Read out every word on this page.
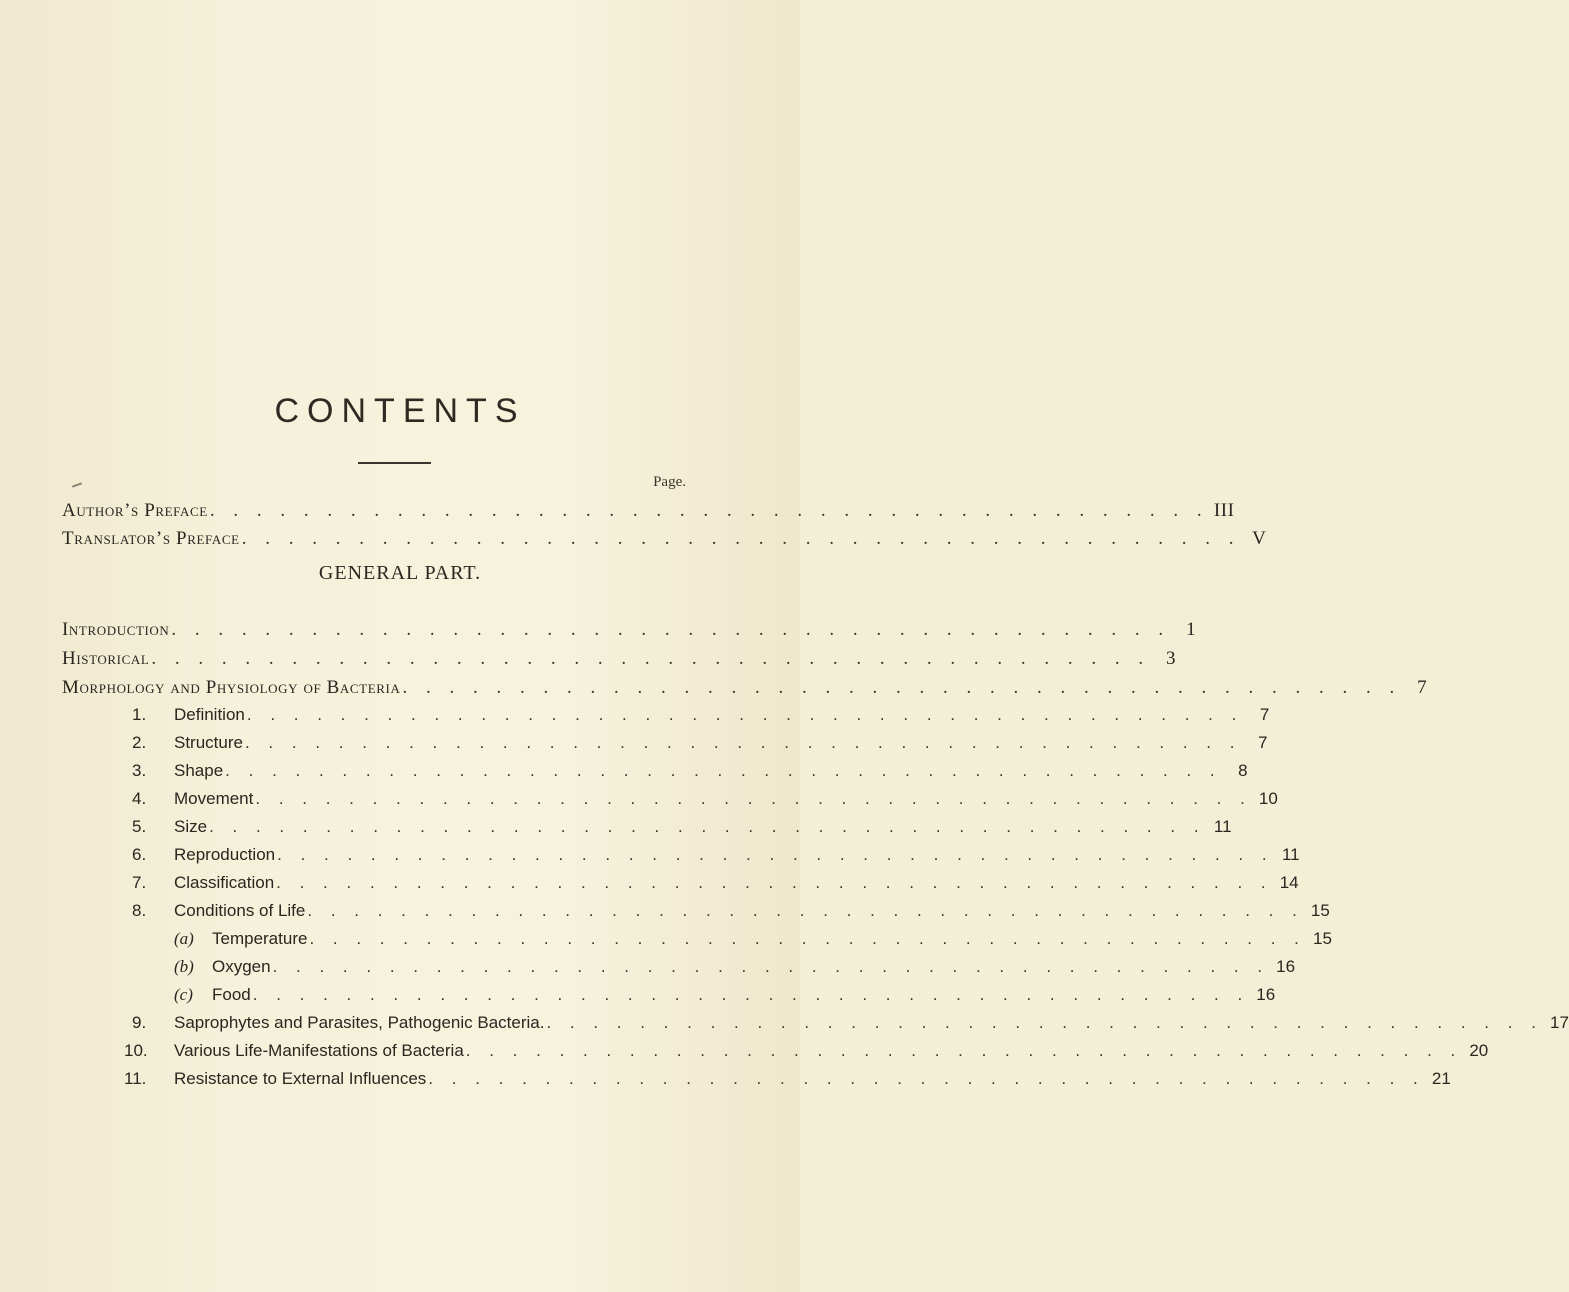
CONTENTS
Page.
Author’s Preface . . . . . . . . . . . . . . . . . . . . . . . . . . . . . . . . . . . . . . . . . . . III
Translator’s Preface . . . . . . . . . . . . . . . . . . . . . . . . . . . . . . . . . . . . . . . . . . . V
GENERAL PART.
Introduction . . . . . . . . . . . . . . . . . . . . . . . . . . . . . . . . . . . . . . . . . . . 1
Historical . . . . . . . . . . . . . . . . . . . . . . . . . . . . . . . . . . . . . . . . . . . 3
Morphology and Physiology of Bacteria . . . . . . . . . . . . . . . . . . . . . . . . . . . . . . . . . . . . . . . . . . . 7
1.	Definition . . . . . . . . . . . . . . . . . . . . . . . . . . . . . . . . . . . . . . . . . . . 7
2.	Structure . . . . . . . . . . . . . . . . . . . . . . . . . . . . . . . . . . . . . . . . . . . 7
3.	Shape . . . . . . . . . . . . . . . . . . . . . . . . . . . . . . . . . . . . . . . . . . . 8
4.	Movement . . . . . . . . . . . . . . . . . . . . . . . . . . . . . . . . . . . . . . . . . . . 10
5.	Size . . . . . . . . . . . . . . . . . . . . . . . . . . . . . . . . . . . . . . . . . . . 11
6.	Reproduction . . . . . . . . . . . . . . . . . . . . . . . . . . . . . . . . . . . . . . . . . . . 11
7.	Classification . . . . . . . . . . . . . . . . . . . . . . . . . . . . . . . . . . . . . . . . . . . 14
8.	Conditions of Life . . . . . . . . . . . . . . . . . . . . . . . . . . . . . . . . . . . . . . . . . . . 15
(a)	Temperature . . . . . . . . . . . . . . . . . . . . . . . . . . . . . . . . . . . . . . . . . . . 15
(b)	Oxygen . . . . . . . . . . . . . . . . . . . . . . . . . . . . . . . . . . . . . . . . . . . 16
(c)	Food . . . . . . . . . . . . . . . . . . . . . . . . . . . . . . . . . . . . . . . . . . . 16
9.	Saprophytes and Parasites, Pathogenic Bacteria. . . . . . . . . . . . . . . . . . . . . . . . . . . . . . . . . . . . . . . . . . . . 17
10.	Various Life-Manifestations of Bacteria . . . . . . . . . . . . . . . . . . . . . . . . . . . . . . . . . . . . . . . . . . . 20
11.	Resistance to External Influences . . . . . . . . . . . . . . . . . . . . . . . . . . . . . . . . . . . . . . . . . . . 21
